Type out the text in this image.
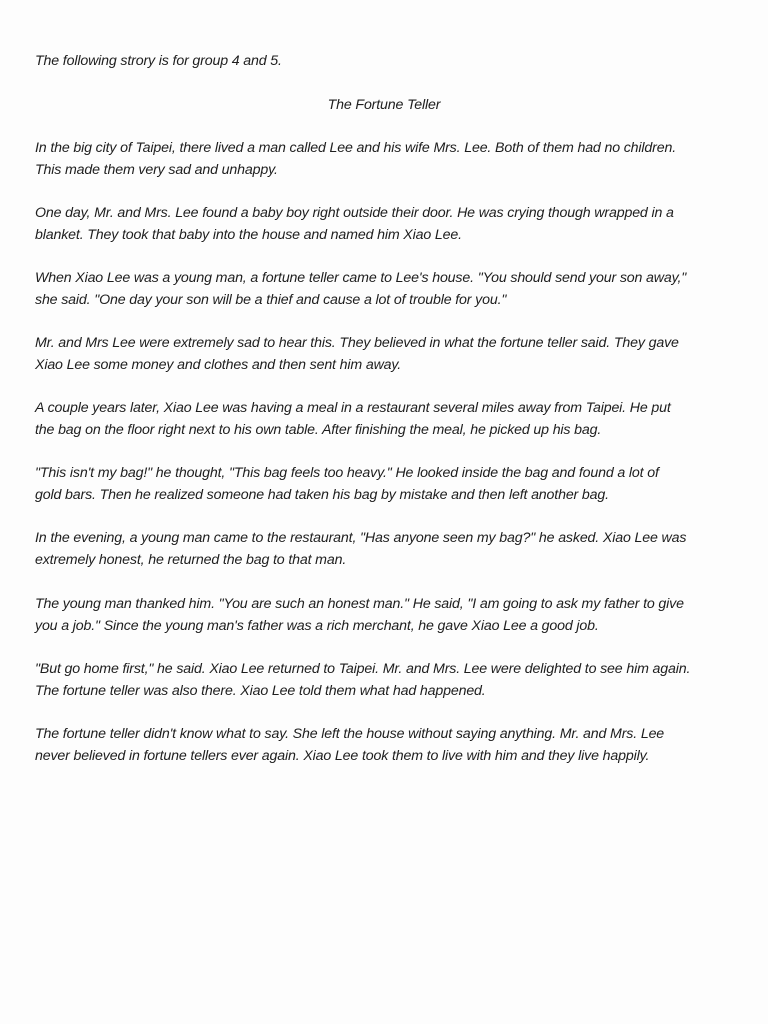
The following strory is for group 4 and 5.
The Fortune Teller
In the big city of Taipei, there lived a man called Lee and his wife Mrs. Lee. Both of them had no children.
This made them very sad and unhappy.
One day, Mr. and Mrs. Lee found a baby boy right outside their door. He was crying though wrapped in a
blanket. They took that baby into the house and named him Xiao Lee.
When Xiao Lee was a young man, a fortune teller came to Lee's house. "You should send your son away,"
she said. "One day your son will be a thief and cause a lot of trouble for you."
Mr. and Mrs Lee were extremely sad to hear this. They believed in what the fortune teller said. They gave
Xiao Lee some money and clothes and then sent him away.
A couple years later, Xiao Lee was having a meal in a restaurant several miles away from Taipei. He put
the bag on the floor right next to his own table. After finishing the meal, he picked up his bag.
"This isn't my bag!" he thought, "This bag feels too heavy." He looked inside the bag and found a lot of
gold bars. Then he realized someone had taken his bag by mistake and then left another bag.
In the evening, a young man came to the restaurant, "Has anyone seen my bag?" he asked. Xiao Lee was
extremely honest, he returned the bag to that man.
The young man thanked him. "You are such an honest man." He said, "I am going to ask my father to give
you a job." Since the young man's father was a rich merchant, he gave Xiao Lee a good job.
"But go home first," he said. Xiao Lee returned to Taipei. Mr. and Mrs. Lee were delighted to see him again.
The fortune teller was also there. Xiao Lee told them what had happened.
The fortune teller didn't know what to say. She left the house without saying anything. Mr. and Mrs. Lee
never believed in fortune tellers ever again. Xiao Lee took them to live with him and they live happily.
